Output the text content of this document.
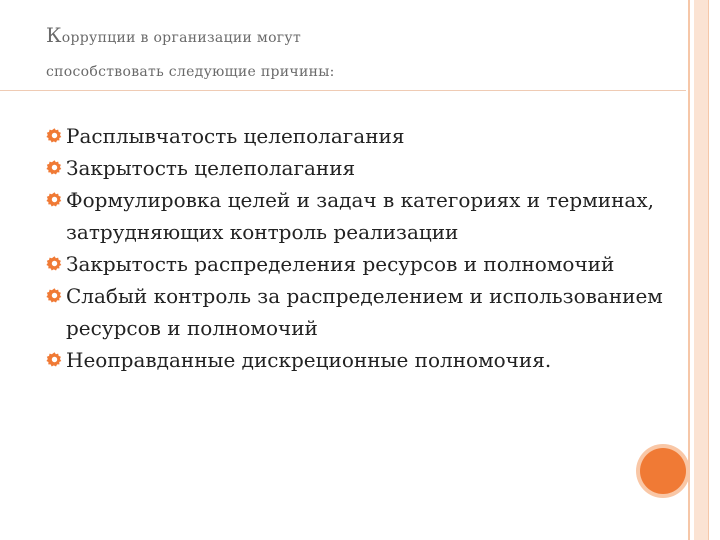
Коррупции в организации могут
способствовать следующие причины:
Расплывчатость целеполагания
Закрытость целеполагания
Формулировка целей и задач в категориях и терминах, затрудняющих контроль реализации
Закрытость распределения ресурсов и полномочий
Слабый контроль за распределением и использованием ресурсов и полномочий
Неоправданные дискреционные полномочия.
